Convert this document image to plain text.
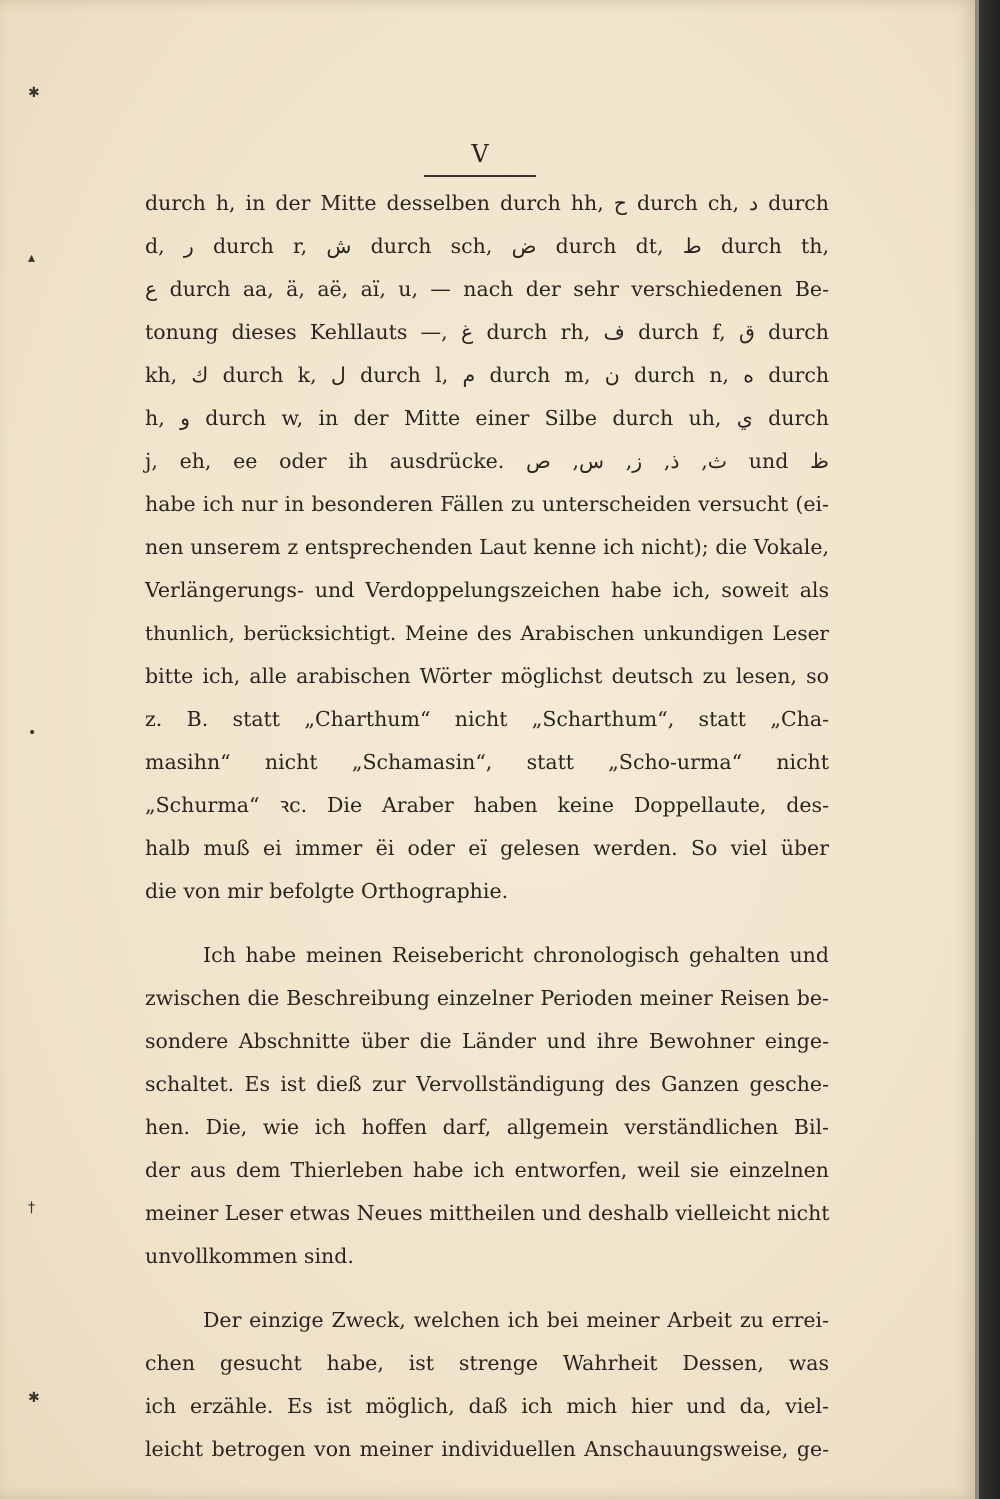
✱
▴
•
†
✱
V
durch h, in der Mitte desselben durch hh, ح durch ch, د durch
d, ر durch r, ش durch sch, ض durch dt, ط durch th,
ع durch aa, ä, aë, aï, u, — nach der sehr verschiedenen Be-
tonung dieses Kehllauts —, غ durch rh, ف durch f, ق durch
kh, ك durch k, ل durch l, م durch m, ن durch n, ه durch
h, و durch w, in der Mitte einer Silbe durch uh, ي durch
j, eh, ee oder ih ausdrücke. ث, ذ, ز, س, ص und ظ
habe ich nur in besonderen Fällen zu unterscheiden versucht (ei-
nen unserem z entsprechenden Laut kenne ich nicht); die Vokale,
Verlängerungs- und Verdoppelungszeichen habe ich, soweit als
thunlich, berücksichtigt. Meine des Arabischen unkundigen Leser
bitte ich, alle arabischen Wörter möglichst deutsch zu lesen, so
z. B. statt „Charthum“ nicht „Scharthum“, statt „Cha-
masihn“ nicht „Schamasin“, statt „Scho-urma“ nicht
„Schurma“ ꝛc. Die Araber haben keine Doppellaute, des-
halb muß ei immer ëi oder eï gelesen werden. So viel über
die von mir befolgte Orthographie.
Ich habe meinen Reisebericht chronologisch gehalten und
zwischen die Beschreibung einzelner Perioden meiner Reisen be-
sondere Abschnitte über die Länder und ihre Bewohner einge-
schaltet. Es ist dieß zur Vervollständigung des Ganzen gesche-
hen. Die, wie ich hoffen darf, allgemein verständlichen Bil-
der aus dem Thierleben habe ich entworfen, weil sie einzelnen
meiner Leser etwas Neues mittheilen und deshalb vielleicht nicht
unvollkommen sind.
Der einzige Zweck, welchen ich bei meiner Arbeit zu errei-
chen gesucht habe, ist strenge Wahrheit Dessen, was
ich erzähle. Es ist möglich, daß ich mich hier und da, viel-
leicht betrogen von meiner individuellen Anschauungsweise, ge-
